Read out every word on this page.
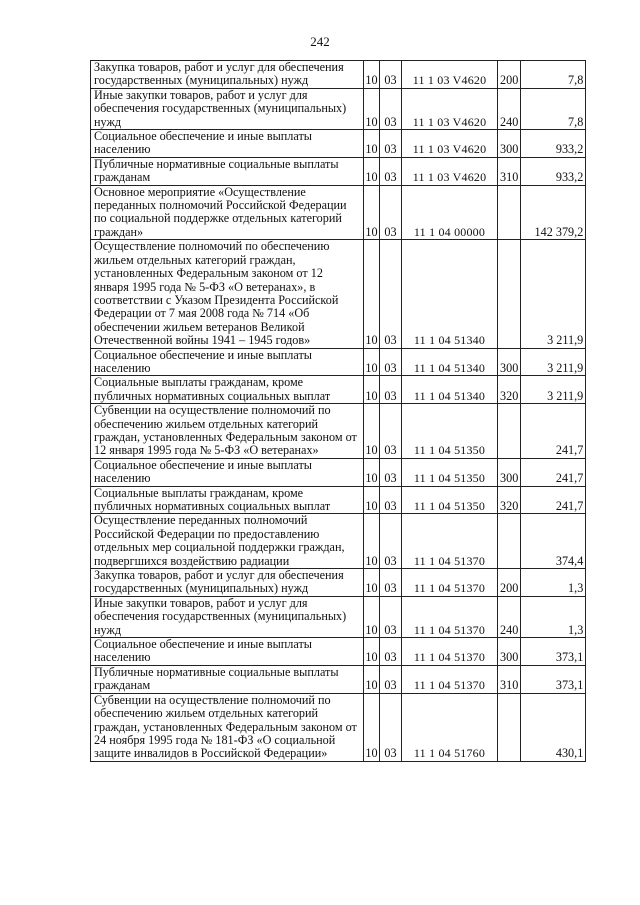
242
Закупка товаров, работ и услуг для обеспечения государственных (муниципальных) нужд	10	03	11 1 03 V4620	200	7,8
Иные закупки товаров, работ и услуг для обеспечения государственных (муниципальных) нужд	10	03	11 1 03 V4620	240	7,8
Социальное обеспечение и иные выплаты населению	10	03	11 1 03 V4620	300	933,2
Публичные нормативные социальные выплаты гражданам	10	03	11 1 03 V4620	310	933,2
Основное мероприятие «Осуществление переданных полномочий Российской Федерации по социальной поддержке отдельных категорий граждан»	10	03	11 1 04 00000		142 379,2
Осуществление полномочий по обеспечению жильем отдельных категорий граждан, установленных Федеральным законом от 12 января 1995 года № 5-ФЗ «О ветеранах», в соответствии с Указом Президента Российской Федерации от 7 мая 2008 года № 714 «Об обеспечении жильем ветеранов Великой Отечественной войны 1941 – 1945 годов»	10	03	11 1 04 51340		3 211,9
Социальное обеспечение и иные выплаты населению	10	03	11 1 04 51340	300	3 211,9
Социальные выплаты гражданам, кроме публичных нормативных социальных выплат	10	03	11 1 04 51340	320	3 211,9
Субвенции на осуществление полномочий по обеспечению жильем отдельных категорий граждан, установленных Федеральным законом от 12 января 1995 года № 5-ФЗ «О ветеранах»	10	03	11 1 04 51350		241,7
Социальное обеспечение и иные выплаты населению	10	03	11 1 04 51350	300	241,7
Социальные выплаты гражданам, кроме публичных нормативных социальных выплат	10	03	11 1 04 51350	320	241,7
Осуществление переданных полномочий Российской Федерации по предоставлению отдельных мер социальной поддержки граждан, подвергшихся воздействию радиации	10	03	11 1 04 51370		374,4
Закупка товаров, работ и услуг для обеспечения государственных (муниципальных) нужд	10	03	11 1 04 51370	200	1,3
Иные закупки товаров, работ и услуг для обеспечения государственных (муниципальных) нужд	10	03	11 1 04 51370	240	1,3
Социальное обеспечение и иные выплаты населению	10	03	11 1 04 51370	300	373,1
Публичные нормативные социальные выплаты гражданам	10	03	11 1 04 51370	310	373,1
Субвенции на осуществление полномочий по обеспечению жильем отдельных категорий граждан, установленных Федеральным законом от 24 ноября 1995 года № 181-ФЗ «О социальной защите инвалидов в Российской Федерации»	10	03	11 1 04 51760		430,1
